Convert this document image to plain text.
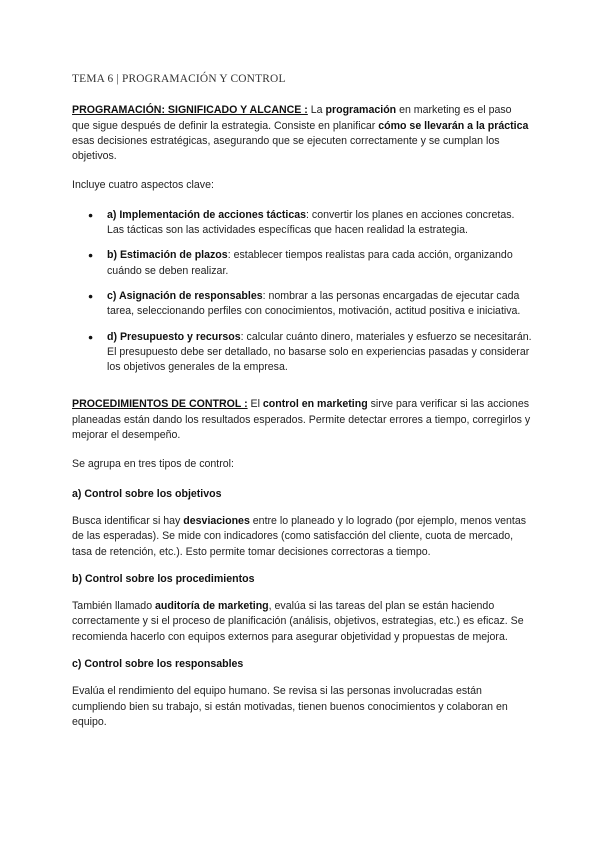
TEMA 6 | PROGRAMACIÓN Y CONTROL

PROGRAMACIÓN: SIGNIFICADO Y ALCANCE : La programación en marketing es el paso que sigue después de definir la estrategia. Consiste en planificar cómo se llevarán a la práctica esas decisiones estratégicas, asegurando que se ejecuten correctamente y se cumplan los objetivos.

Incluye cuatro aspectos clave:

● a) Implementación de acciones tácticas: convertir los planes en acciones concretas. Las tácticas son las actividades específicas que hacen realidad la estrategia.
● b) Estimación de plazos: establecer tiempos realistas para cada acción, organizando cuándo se deben realizar.
● c) Asignación de responsables: nombrar a las personas encargadas de ejecutar cada tarea, seleccionando perfiles con conocimientos, motivación, actitud positiva e iniciativa.
● d) Presupuesto y recursos: calcular cuánto dinero, materiales y esfuerzo se necesitarán. El presupuesto debe ser detallado, no basarse solo en experiencias pasadas y considerar los objetivos generales de la empresa.

PROCEDIMIENTOS DE CONTROL : El control en marketing sirve para verificar si las acciones planeadas están dando los resultados esperados. Permite detectar errores a tiempo, corregirlos y mejorar el desempeño.

Se agrupa en tres tipos de control:

a) Control sobre los objetivos

Busca identificar si hay desviaciones entre lo planeado y lo logrado (por ejemplo, menos ventas de las esperadas). Se mide con indicadores (como satisfacción del cliente, cuota de mercado, tasa de retención, etc.). Esto permite tomar decisiones correctoras a tiempo.

b) Control sobre los procedimientos

También llamado auditoría de marketing, evalúa si las tareas del plan se están haciendo correctamente y si el proceso de planificación (análisis, objetivos, estrategias, etc.) es eficaz. Se recomienda hacerlo con equipos externos para asegurar objetividad y propuestas de mejora.

c) Control sobre los responsables

Evalúa el rendimiento del equipo humano. Se revisa si las personas involucradas están cumpliendo bien su trabajo, si están motivadas, tienen buenos conocimientos y colaboran en equipo.
